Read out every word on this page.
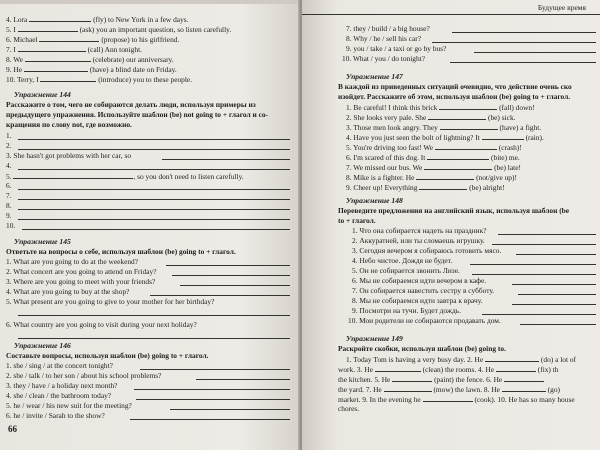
4. Lora	(fly) to New York in a few days.
5. I	(ask) you an important question, so listen carefully.
6. Michael	(propose) to his girlfriend.
7. I	(call) Ann tonight.
8. We	(celebrate) our anniversary.
9. He	(have) a blind date on Friday.
10. Terry, I	(introduce) you to these people.
Упражнение 144
Расскажите о том, чего не собираются делать люди, используя примеры из
предыдущего упражнения. Используйте шаблон (be) not going to + глагол и со-
кращения по слову not, где возможно.
1.
2.
3. She hasn't got problems with her car, so
4.
5.	, so you don't need to listen carefully.
6.
7.
8.
9.
10.
Упражнение 145
Ответьте на вопросы о себе, используя шаблон (be) going to + глагол.
1. What are you going to do at the weekend?
2. What concert are you going to attend on Friday?
3. Where are you going to meet with your friends?
4. What are you going to buy at the shop?
5. What present are you going to give to your mother for her birthday?
6. What country are you going to visit during your next holiday?
Упражнение 146
Составьте вопросы, используя шаблон (be) going to + глагол.
1. she / sing / at the concert tonight?
2. she / talk / to her son / about his school problems?
3. they / have / a holiday next month?
4. she / clean / the bathroom today?
5. he / wear / his new suit for the meeting?
6. he / invite / Sarah to the show?
66
Будущее время
7. they / build / a big house?
8. Why / he / sell his car?
9. you / take / a taxi or go by bus?
10. What / you / do tonight?
Упражнение 147
В каждой из приведенных ситуаций очевидно, что действие очень ско
изойдет. Расскажите об этом, используя шаблон (be) going to + глагол.
1. Be careful! I think this brick	(fall) down!
2. She looks very pale. She	(be) sick.
3. Those men look angry. They	(have) a fight.
4. Have you just seen the bolt of lightning? It	(rain).
5. You're driving too fast! We	(crash)!
6. I'm scared of this dog. It	(bite) me.
7. We missed our bus. We	(be) late!
8. Mike is a fighter. He	(not/give up)!
9. Cheer up! Everything	(be) alright!
Упражнение 148
Переведите предложения на английский язык, используя шаблон (be
to + глагол.
1. Что она собирается надеть на праздник?
2. Аккуратней, или ты сломаешь игрушку.
3. Сегодня вечером я собираюсь готовить мясо.
4. Небо чистое. Дождя не будет.
5. Он не собирается звонить Лизе.
6. Мы не собираемся идти вечером в кафе.
7. Он собирается навестить сестру в субботу.
8. Мы не собираемся идти завтра к врачу.
9. Посмотри на тучи. Будет дождь.
10. Мои родители не собираются продавать дом.
Упражнение 149
Раскройте скобки, используя шаблон (be) going to.
1. Today Tom is having a very busy day. 2. He	(do) a lot of
work. 3. He	(clean) the rooms. 4. He	(fix) th
the kitchen. 5. He	(paint) the fence. 6. He
the yard. 7. He	(mow) the lawn. 8. He	(go)
market. 9. In the evening he	(cook). 10. He has so many house
chores.
